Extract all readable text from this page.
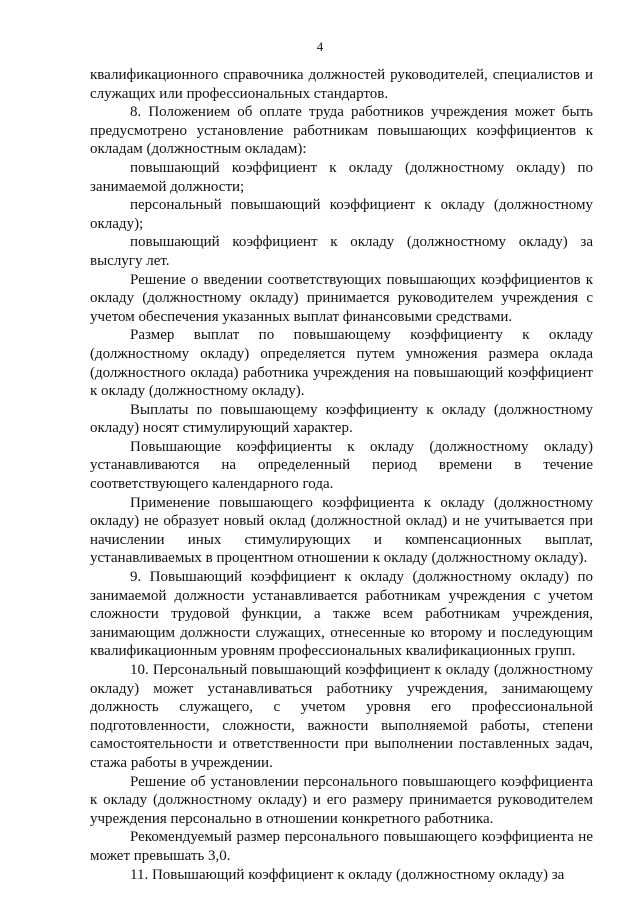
4

квалификационного справочника должностей руководителей, специалистов и служащих или профессиональных стандартов.

8. Положением об оплате труда работников учреждения может быть предусмотрено установление работникам повышающих коэффициентов к окладам (должностным окладам):

повышающий коэффициент к окладу (должностному окладу) по занимаемой должности;

персональный повышающий коэффициент к окладу (должностному окладу);

повышающий коэффициент к окладу (должностному окладу) за выслугу лет.

Решение о введении соответствующих повышающих коэффициентов к окладу (должностному окладу) принимается руководителем учреждения с учетом обеспечения указанных выплат финансовыми средствами.

Размер выплат по повышающему коэффициенту к окладу (должностному окладу) определяется путем умножения размера оклада (должностного оклада) работника учреждения на повышающий коэффициент к окладу (должностному окладу).

Выплаты по повышающему коэффициенту к окладу (должностному окладу) носят стимулирующий характер.

Повышающие коэффициенты к окладу (должностному окладу) устанавливаются на определенный период времени в течение соответствующего календарного года.

Применение повышающего коэффициента к окладу (должностному окладу) не образует новый оклад (должностной оклад) и не учитывается при начислении иных стимулирующих и компенсационных выплат, устанавливаемых в процентном отношении к окладу (должностному окладу).

9. Повышающий коэффициент к окладу (должностному окладу) по занимаемой должности устанавливается работникам учреждения с учетом сложности трудовой функции, а также всем работникам учреждения, занимающим должности служащих, отнесенные ко второму и последующим квалификационным уровням профессиональных квалификационных групп.

10. Персональный повышающий коэффициент к окладу (должностному окладу) может устанавливаться работнику учреждения, занимающему должность служащего, с учетом уровня его профессиональной подготовленности, сложности, важности выполняемой работы, степени самостоятельности и ответственности при выполнении поставленных задач, стажа работы в учреждении.

Решение об установлении персонального повышающего коэффициента к окладу (должностному окладу) и его размеру принимается руководителем учреждения персонально в отношении конкретного работника.

Рекомендуемый размер персонального повышающего коэффициента не может превышать 3,0.

11. Повышающий коэффициент к окладу (должностному окладу) за
